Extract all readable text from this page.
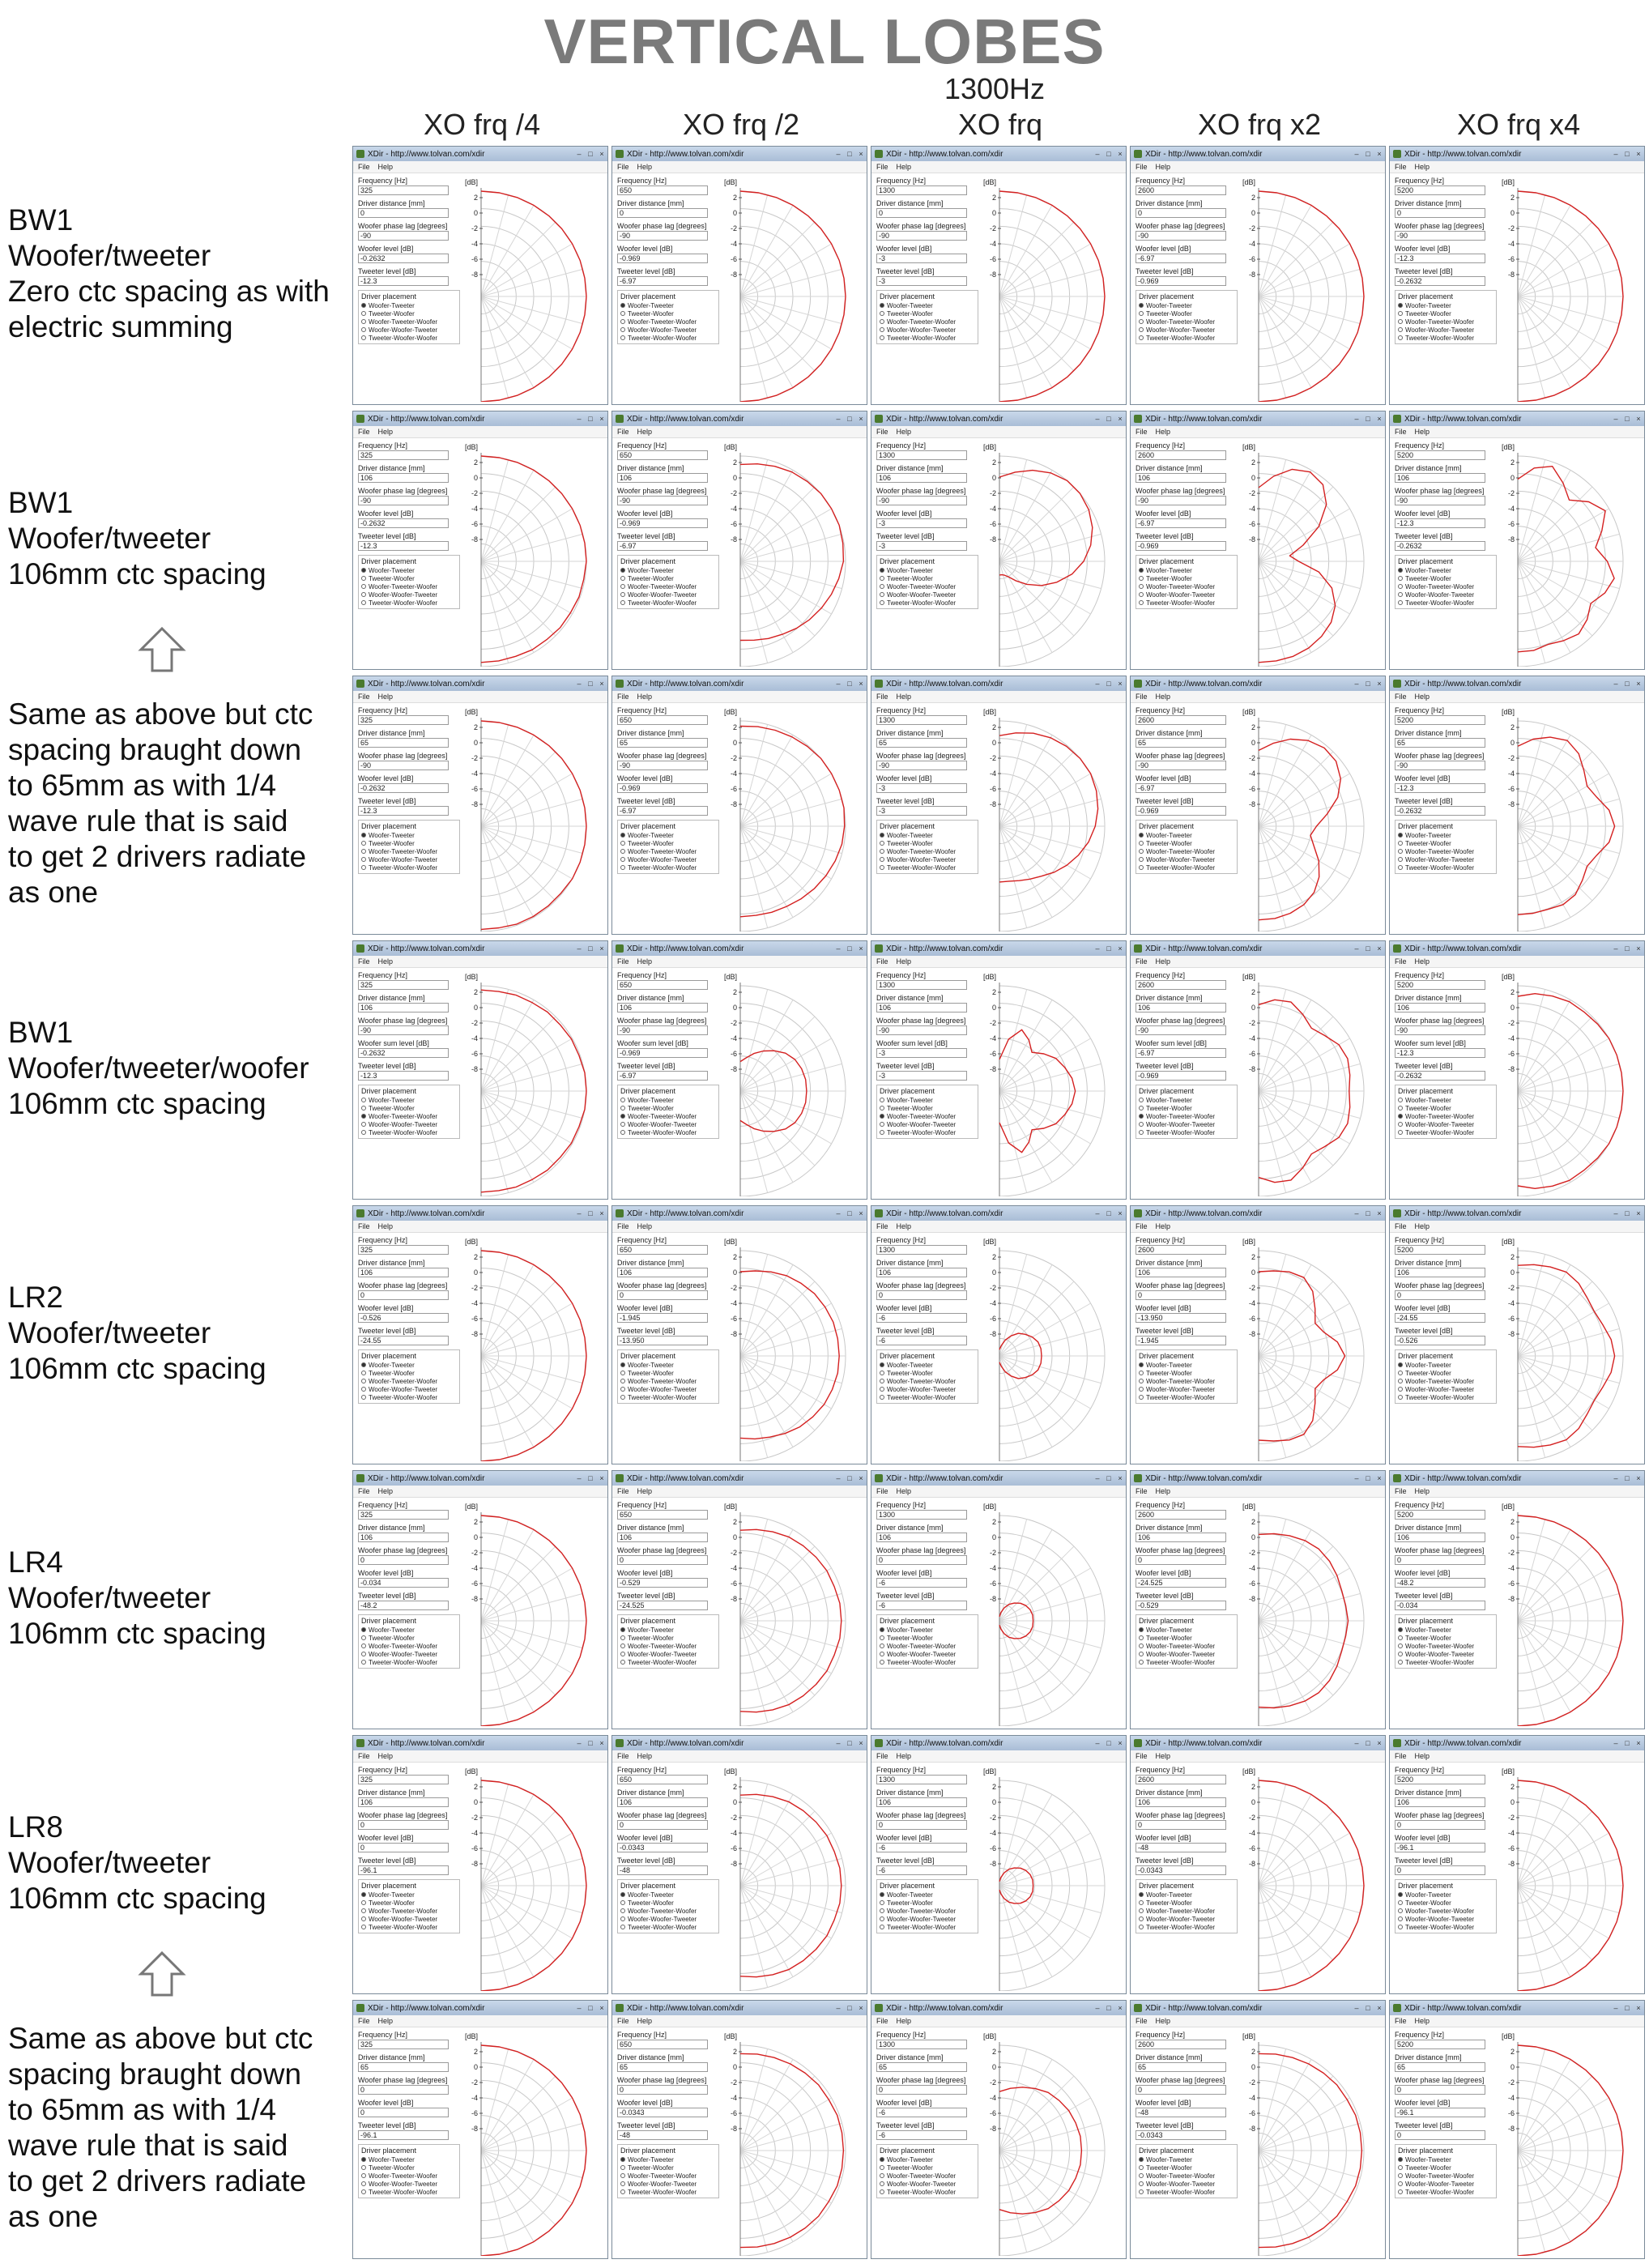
VERTICAL LOBES
1300Hz
XO frq /4	XO frq /2	XO frq	XO frq x2	XO frq x4
BW1
Woofer/tweeter
Zero ctc spacing as with
electric summing
BW1
Woofer/tweeter
106mm ctc spacing
Same as above but ctc
spacing braught down
to 65mm as with 1/4
wave rule that is said
to get 2 drivers radiate
as one
BW1
Woofer/tweeter/woofer
106mm ctc spacing
LR2
Woofer/tweeter
106mm ctc spacing
LR4
Woofer/tweeter
106mm ctc spacing
LR8
Woofer/tweeter
106mm ctc spacing
Same as above but ctc
spacing braught down
to 65mm as with 1/4
wave rule that is said
to get 2 drivers radiate
as one
XDir - http://www.tolvan.com/xdir	– □ ×
File Help
Frequency [Hz]
325
Driver distance [mm]
0
Woofer phase lag [degrees]
-90
Woofer level [dB]
-0.2632
Tweeter level [dB]
-12.3
Driver placement
Woofer-Tweeter
Tweeter-Woofer
Woofer-Tweeter-Woofer
Woofer-Woofer-Tweeter
Tweeter-Woofer-Woofer
[dB]
2
0
-2
-4
-6
-8
XDir - http://www.tolvan.com/xdir	– □ ×
File Help
Frequency [Hz]
650
Driver distance [mm]
0
Woofer phase lag [degrees]
-90
Woofer level [dB]
-0.969
Tweeter level [dB]
-6.97
Driver placement
Woofer-Tweeter
Tweeter-Woofer
Woofer-Tweeter-Woofer
Woofer-Woofer-Tweeter
Tweeter-Woofer-Woofer
[dB]
2
0
-2
-4
-6
-8
XDir - http://www.tolvan.com/xdir	– □ ×
File Help
Frequency [Hz]
1300
Driver distance [mm]
0
Woofer phase lag [degrees]
-90
Woofer level [dB]
-3
Tweeter level [dB]
-3
Driver placement
Woofer-Tweeter
Tweeter-Woofer
Woofer-Tweeter-Woofer
Woofer-Woofer-Tweeter
Tweeter-Woofer-Woofer
[dB]
2
0
-2
-4
-6
-8
XDir - http://www.tolvan.com/xdir	– □ ×
File Help
Frequency [Hz]
2600
Driver distance [mm]
0
Woofer phase lag [degrees]
-90
Woofer level [dB]
-6.97
Tweeter level [dB]
-0.969
Driver placement
Woofer-Tweeter
Tweeter-Woofer
Woofer-Tweeter-Woofer
Woofer-Woofer-Tweeter
Tweeter-Woofer-Woofer
[dB]
2
0
-2
-4
-6
-8
XDir - http://www.tolvan.com/xdir	– □ ×
File Help
Frequency [Hz]
5200
Driver distance [mm]
0
Woofer phase lag [degrees]
-90
Woofer level [dB]
-12.3
Tweeter level [dB]
-0.2632
Driver placement
Woofer-Tweeter
Tweeter-Woofer
Woofer-Tweeter-Woofer
Woofer-Woofer-Tweeter
Tweeter-Woofer-Woofer
[dB]
2
0
-2
-4
-6
-8
XDir - http://www.tolvan.com/xdir	– □ ×
File Help
Frequency [Hz]
325
Driver distance [mm]
106
Woofer phase lag [degrees]
-90
Woofer level [dB]
-0.2632
Tweeter level [dB]
-12.3
Driver placement
Woofer-Tweeter
Tweeter-Woofer
Woofer-Tweeter-Woofer
Woofer-Woofer-Tweeter
Tweeter-Woofer-Woofer
[dB]
2
0
-2
-4
-6
-8
XDir - http://www.tolvan.com/xdir	– □ ×
File Help
Frequency [Hz]
650
Driver distance [mm]
106
Woofer phase lag [degrees]
-90
Woofer level [dB]
-0.969
Tweeter level [dB]
-6.97
Driver placement
Woofer-Tweeter
Tweeter-Woofer
Woofer-Tweeter-Woofer
Woofer-Woofer-Tweeter
Tweeter-Woofer-Woofer
[dB]
2
0
-2
-4
-6
-8
XDir - http://www.tolvan.com/xdir	– □ ×
File Help
Frequency [Hz]
1300
Driver distance [mm]
106
Woofer phase lag [degrees]
-90
Woofer level [dB]
-3
Tweeter level [dB]
-3
Driver placement
Woofer-Tweeter
Tweeter-Woofer
Woofer-Tweeter-Woofer
Woofer-Woofer-Tweeter
Tweeter-Woofer-Woofer
[dB]
2
0
-2
-4
-6
-8
XDir - http://www.tolvan.com/xdir	– □ ×
File Help
Frequency [Hz]
2600
Driver distance [mm]
106
Woofer phase lag [degrees]
-90
Woofer level [dB]
-6.97
Tweeter level [dB]
-0.969
Driver placement
Woofer-Tweeter
Tweeter-Woofer
Woofer-Tweeter-Woofer
Woofer-Woofer-Tweeter
Tweeter-Woofer-Woofer
[dB]
2
0
-2
-4
-6
-8
XDir - http://www.tolvan.com/xdir	– □ ×
File Help
Frequency [Hz]
5200
Driver distance [mm]
106
Woofer phase lag [degrees]
-90
Woofer level [dB]
-12.3
Tweeter level [dB]
-0.2632
Driver placement
Woofer-Tweeter
Tweeter-Woofer
Woofer-Tweeter-Woofer
Woofer-Woofer-Tweeter
Tweeter-Woofer-Woofer
[dB]
2
0
-2
-4
-6
-8
XDir - http://www.tolvan.com/xdir	– □ ×
File Help
Frequency [Hz]
325
Driver distance [mm]
65
Woofer phase lag [degrees]
-90
Woofer level [dB]
-0.2632
Tweeter level [dB]
-12.3
Driver placement
Woofer-Tweeter
Tweeter-Woofer
Woofer-Tweeter-Woofer
Woofer-Woofer-Tweeter
Tweeter-Woofer-Woofer
[dB]
2
0
-2
-4
-6
-8
XDir - http://www.tolvan.com/xdir	– □ ×
File Help
Frequency [Hz]
650
Driver distance [mm]
65
Woofer phase lag [degrees]
-90
Woofer level [dB]
-0.969
Tweeter level [dB]
-6.97
Driver placement
Woofer-Tweeter
Tweeter-Woofer
Woofer-Tweeter-Woofer
Woofer-Woofer-Tweeter
Tweeter-Woofer-Woofer
[dB]
2
0
-2
-4
-6
-8
XDir - http://www.tolvan.com/xdir	– □ ×
File Help
Frequency [Hz]
1300
Driver distance [mm]
65
Woofer phase lag [degrees]
-90
Woofer level [dB]
-3
Tweeter level [dB]
-3
Driver placement
Woofer-Tweeter
Tweeter-Woofer
Woofer-Tweeter-Woofer
Woofer-Woofer-Tweeter
Tweeter-Woofer-Woofer
[dB]
2
0
-2
-4
-6
-8
XDir - http://www.tolvan.com/xdir	– □ ×
File Help
Frequency [Hz]
2600
Driver distance [mm]
65
Woofer phase lag [degrees]
-90
Woofer level [dB]
-6.97
Tweeter level [dB]
-0.969
Driver placement
Woofer-Tweeter
Tweeter-Woofer
Woofer-Tweeter-Woofer
Woofer-Woofer-Tweeter
Tweeter-Woofer-Woofer
[dB]
2
0
-2
-4
-6
-8
XDir - http://www.tolvan.com/xdir	– □ ×
File Help
Frequency [Hz]
5200
Driver distance [mm]
65
Woofer phase lag [degrees]
-90
Woofer level [dB]
-12.3
Tweeter level [dB]
-0.2632
Driver placement
Woofer-Tweeter
Tweeter-Woofer
Woofer-Tweeter-Woofer
Woofer-Woofer-Tweeter
Tweeter-Woofer-Woofer
[dB]
2
0
-2
-4
-6
-8
XDir - http://www.tolvan.com/xdir	– □ ×
File Help
Frequency [Hz]
325
Driver distance [mm]
106
Woofer phase lag [degrees]
-90
Woofer sum level [dB]
-0.2632
Tweeter level [dB]
-12.3
Driver placement
Woofer-Tweeter
Tweeter-Woofer
Woofer-Tweeter-Woofer
Woofer-Woofer-Tweeter
Tweeter-Woofer-Woofer
[dB]
2
0
-2
-4
-6
-8
XDir - http://www.tolvan.com/xdir	– □ ×
File Help
Frequency [Hz]
650
Driver distance [mm]
106
Woofer phase lag [degrees]
-90
Woofer sum level [dB]
-0.969
Tweeter level [dB]
-6.97
Driver placement
Woofer-Tweeter
Tweeter-Woofer
Woofer-Tweeter-Woofer
Woofer-Woofer-Tweeter
Tweeter-Woofer-Woofer
[dB]
2
0
-2
-4
-6
-8
XDir - http://www.tolvan.com/xdir	– □ ×
File Help
Frequency [Hz]
1300
Driver distance [mm]
106
Woofer phase lag [degrees]
-90
Woofer sum level [dB]
-3
Tweeter level [dB]
-3
Driver placement
Woofer-Tweeter
Tweeter-Woofer
Woofer-Tweeter-Woofer
Woofer-Woofer-Tweeter
Tweeter-Woofer-Woofer
[dB]
2
0
-2
-4
-6
-8
XDir - http://www.tolvan.com/xdir	– □ ×
File Help
Frequency [Hz]
2600
Driver distance [mm]
106
Woofer phase lag [degrees]
-90
Woofer sum level [dB]
-6.97
Tweeter level [dB]
-0.969
Driver placement
Woofer-Tweeter
Tweeter-Woofer
Woofer-Tweeter-Woofer
Woofer-Woofer-Tweeter
Tweeter-Woofer-Woofer
[dB]
2
0
-2
-4
-6
-8
XDir - http://www.tolvan.com/xdir	– □ ×
File Help
Frequency [Hz]
5200
Driver distance [mm]
106
Woofer phase lag [degrees]
-90
Woofer sum level [dB]
-12.3
Tweeter level [dB]
-0.2632
Driver placement
Woofer-Tweeter
Tweeter-Woofer
Woofer-Tweeter-Woofer
Woofer-Woofer-Tweeter
Tweeter-Woofer-Woofer
[dB]
2
0
-2
-4
-6
-8
XDir - http://www.tolvan.com/xdir	– □ ×
File Help
Frequency [Hz]
325
Driver distance [mm]
106
Woofer phase lag [degrees]
0
Woofer level [dB]
-0.526
Tweeter level [dB]
-24.55
Driver placement
Woofer-Tweeter
Tweeter-Woofer
Woofer-Tweeter-Woofer
Woofer-Woofer-Tweeter
Tweeter-Woofer-Woofer
[dB]
2
0
-2
-4
-6
-8
XDir - http://www.tolvan.com/xdir	– □ ×
File Help
Frequency [Hz]
650
Driver distance [mm]
106
Woofer phase lag [degrees]
0
Woofer level [dB]
-1.945
Tweeter level [dB]
-13.950
Driver placement
Woofer-Tweeter
Tweeter-Woofer
Woofer-Tweeter-Woofer
Woofer-Woofer-Tweeter
Tweeter-Woofer-Woofer
[dB]
2
0
-2
-4
-6
-8
XDir - http://www.tolvan.com/xdir	– □ ×
File Help
Frequency [Hz]
1300
Driver distance [mm]
106
Woofer phase lag [degrees]
0
Woofer level [dB]
-6
Tweeter level [dB]
-6
Driver placement
Woofer-Tweeter
Tweeter-Woofer
Woofer-Tweeter-Woofer
Woofer-Woofer-Tweeter
Tweeter-Woofer-Woofer
[dB]
2
0
-2
-4
-6
-8
XDir - http://www.tolvan.com/xdir	– □ ×
File Help
Frequency [Hz]
2600
Driver distance [mm]
106
Woofer phase lag [degrees]
0
Woofer level [dB]
-13.950
Tweeter level [dB]
-1.945
Driver placement
Woofer-Tweeter
Tweeter-Woofer
Woofer-Tweeter-Woofer
Woofer-Woofer-Tweeter
Tweeter-Woofer-Woofer
[dB]
2
0
-2
-4
-6
-8
XDir - http://www.tolvan.com/xdir	– □ ×
File Help
Frequency [Hz]
5200
Driver distance [mm]
106
Woofer phase lag [degrees]
0
Woofer level [dB]
-24.55
Tweeter level [dB]
-0.526
Driver placement
Woofer-Tweeter
Tweeter-Woofer
Woofer-Tweeter-Woofer
Woofer-Woofer-Tweeter
Tweeter-Woofer-Woofer
[dB]
2
0
-2
-4
-6
-8
XDir - http://www.tolvan.com/xdir	– □ ×
File Help
Frequency [Hz]
325
Driver distance [mm]
106
Woofer phase lag [degrees]
0
Woofer level [dB]
-0.034
Tweeter level [dB]
-48.2
Driver placement
Woofer-Tweeter
Tweeter-Woofer
Woofer-Tweeter-Woofer
Woofer-Woofer-Tweeter
Tweeter-Woofer-Woofer
[dB]
2
0
-2
-4
-6
-8
XDir - http://www.tolvan.com/xdir	– □ ×
File Help
Frequency [Hz]
650
Driver distance [mm]
106
Woofer phase lag [degrees]
0
Woofer level [dB]
-0.529
Tweeter level [dB]
-24.525
Driver placement
Woofer-Tweeter
Tweeter-Woofer
Woofer-Tweeter-Woofer
Woofer-Woofer-Tweeter
Tweeter-Woofer-Woofer
[dB]
2
0
-2
-4
-6
-8
XDir - http://www.tolvan.com/xdir	– □ ×
File Help
Frequency [Hz]
1300
Driver distance [mm]
106
Woofer phase lag [degrees]
0
Woofer level [dB]
-6
Tweeter level [dB]
-6
Driver placement
Woofer-Tweeter
Tweeter-Woofer
Woofer-Tweeter-Woofer
Woofer-Woofer-Tweeter
Tweeter-Woofer-Woofer
[dB]
2
0
-2
-4
-6
-8
XDir - http://www.tolvan.com/xdir	– □ ×
File Help
Frequency [Hz]
2600
Driver distance [mm]
106
Woofer phase lag [degrees]
0
Woofer level [dB]
-24.525
Tweeter level [dB]
-0.529
Driver placement
Woofer-Tweeter
Tweeter-Woofer
Woofer-Tweeter-Woofer
Woofer-Woofer-Tweeter
Tweeter-Woofer-Woofer
[dB]
2
0
-2
-4
-6
-8
XDir - http://www.tolvan.com/xdir	– □ ×
File Help
Frequency [Hz]
5200
Driver distance [mm]
106
Woofer phase lag [degrees]
0
Woofer level [dB]
-48.2
Tweeter level [dB]
-0.034
Driver placement
Woofer-Tweeter
Tweeter-Woofer
Woofer-Tweeter-Woofer
Woofer-Woofer-Tweeter
Tweeter-Woofer-Woofer
[dB]
2
0
-2
-4
-6
-8
XDir - http://www.tolvan.com/xdir	– □ ×
File Help
Frequency [Hz]
325
Driver distance [mm]
106
Woofer phase lag [degrees]
0
Woofer level [dB]
0
Tweeter level [dB]
-96.1
Driver placement
Woofer-Tweeter
Tweeter-Woofer
Woofer-Tweeter-Woofer
Woofer-Woofer-Tweeter
Tweeter-Woofer-Woofer
[dB]
2
0
-2
-4
-6
-8
XDir - http://www.tolvan.com/xdir	– □ ×
File Help
Frequency [Hz]
650
Driver distance [mm]
106
Woofer phase lag [degrees]
0
Woofer level [dB]
-0.0343
Tweeter level [dB]
-48
Driver placement
Woofer-Tweeter
Tweeter-Woofer
Woofer-Tweeter-Woofer
Woofer-Woofer-Tweeter
Tweeter-Woofer-Woofer
[dB]
2
0
-2
-4
-6
-8
XDir - http://www.tolvan.com/xdir	– □ ×
File Help
Frequency [Hz]
1300
Driver distance [mm]
106
Woofer phase lag [degrees]
0
Woofer level [dB]
-6
Tweeter level [dB]
-6
Driver placement
Woofer-Tweeter
Tweeter-Woofer
Woofer-Tweeter-Woofer
Woofer-Woofer-Tweeter
Tweeter-Woofer-Woofer
[dB]
2
0
-2
-4
-6
-8
XDir - http://www.tolvan.com/xdir	– □ ×
File Help
Frequency [Hz]
2600
Driver distance [mm]
106
Woofer phase lag [degrees]
0
Woofer level [dB]
-48
Tweeter level [dB]
-0.0343
Driver placement
Woofer-Tweeter
Tweeter-Woofer
Woofer-Tweeter-Woofer
Woofer-Woofer-Tweeter
Tweeter-Woofer-Woofer
[dB]
2
0
-2
-4
-6
-8
XDir - http://www.tolvan.com/xdir	– □ ×
File Help
Frequency [Hz]
5200
Driver distance [mm]
106
Woofer phase lag [degrees]
0
Woofer level [dB]
-96.1
Tweeter level [dB]
0
Driver placement
Woofer-Tweeter
Tweeter-Woofer
Woofer-Tweeter-Woofer
Woofer-Woofer-Tweeter
Tweeter-Woofer-Woofer
[dB]
2
0
-2
-4
-6
-8
XDir - http://www.tolvan.com/xdir	– □ ×
File Help
Frequency [Hz]
325
Driver distance [mm]
65
Woofer phase lag [degrees]
0
Woofer level [dB]
0
Tweeter level [dB]
-96.1
Driver placement
Woofer-Tweeter
Tweeter-Woofer
Woofer-Tweeter-Woofer
Woofer-Woofer-Tweeter
Tweeter-Woofer-Woofer
[dB]
2
0
-2
-4
-6
-8
XDir - http://www.tolvan.com/xdir	– □ ×
File Help
Frequency [Hz]
650
Driver distance [mm]
65
Woofer phase lag [degrees]
0
Woofer level [dB]
-0.0343
Tweeter level [dB]
-48
Driver placement
Woofer-Tweeter
Tweeter-Woofer
Woofer-Tweeter-Woofer
Woofer-Woofer-Tweeter
Tweeter-Woofer-Woofer
[dB]
2
0
-2
-4
-6
-8
XDir - http://www.tolvan.com/xdir	– □ ×
File Help
Frequency [Hz]
1300
Driver distance [mm]
65
Woofer phase lag [degrees]
0
Woofer level [dB]
-6
Tweeter level [dB]
-6
Driver placement
Woofer-Tweeter
Tweeter-Woofer
Woofer-Tweeter-Woofer
Woofer-Woofer-Tweeter
Tweeter-Woofer-Woofer
[dB]
2
0
-2
-4
-6
-8
XDir - http://www.tolvan.com/xdir	– □ ×
File Help
Frequency [Hz]
2600
Driver distance [mm]
65
Woofer phase lag [degrees]
0
Woofer level [dB]
-48
Tweeter level [dB]
-0.0343
Driver placement
Woofer-Tweeter
Tweeter-Woofer
Woofer-Tweeter-Woofer
Woofer-Woofer-Tweeter
Tweeter-Woofer-Woofer
[dB]
2
0
-2
-4
-6
-8
XDir - http://www.tolvan.com/xdir	– □ ×
File Help
Frequency [Hz]
5200
Driver distance [mm]
65
Woofer phase lag [degrees]
0
Woofer level [dB]
-96.1
Tweeter level [dB]
0
Driver placement
Woofer-Tweeter
Tweeter-Woofer
Woofer-Tweeter-Woofer
Woofer-Woofer-Tweeter
Tweeter-Woofer-Woofer
[dB]
2
0
-2
-4
-6
-8
